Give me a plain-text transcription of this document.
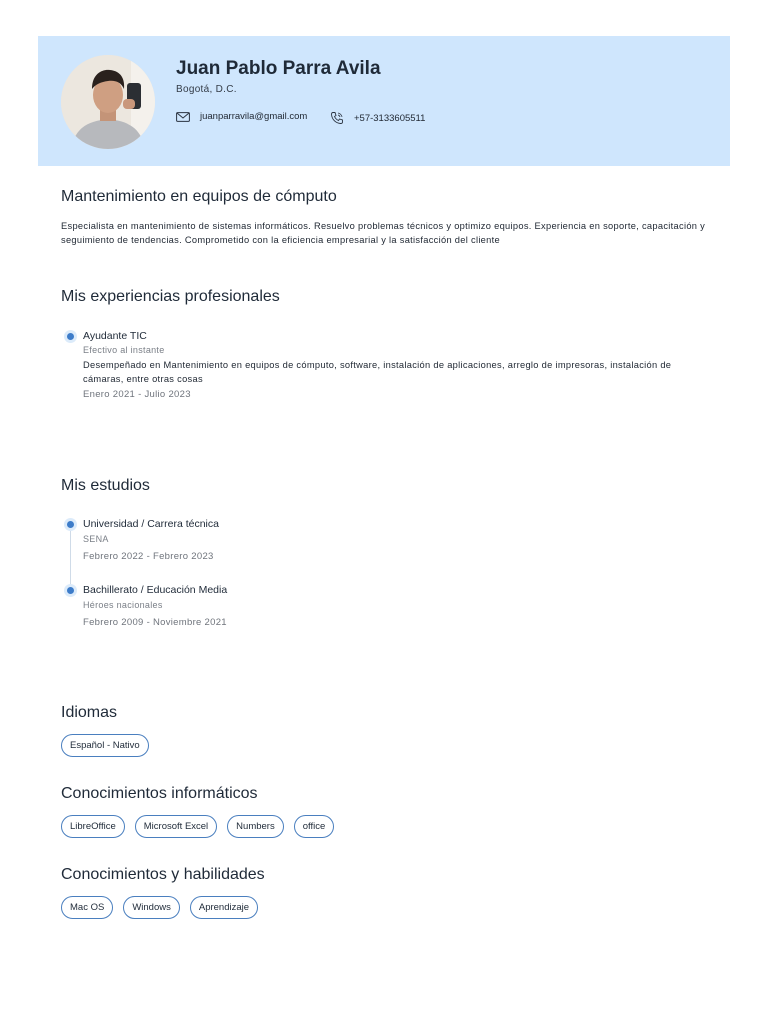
Juan Pablo Parra Avila
Bogotá, D.C.
juanparravila@gmail.com	+57-3133605511
Mantenimiento en equipos de cómputo
Especialista en mantenimiento de sistemas informáticos. Resuelvo problemas técnicos y optimizo equipos. Experiencia en soporte, capacitación y seguimiento de tendencias. Comprometido con la eficiencia empresarial y la satisfacción del cliente
Mis experiencias profesionales
Ayudante TIC
Efectivo al instante
Desempeñado en Mantenimiento en equipos de cómputo, software, instalación de aplicaciones, arreglo de impresoras, instalación de cámaras, entre otras cosas
Enero 2021 - Julio 2023
Mis estudios
Universidad / Carrera técnica
SENA
Febrero 2022 - Febrero 2023
Bachillerato / Educación Media
Héroes nacionales
Febrero 2009 - Noviembre 2021
Idiomas
Español - Nativo
Conocimientos informáticos
LibreOffice	Microsoft Excel	Numbers	office
Conocimientos y habilidades
Mac OS	Windows	Aprendizaje
